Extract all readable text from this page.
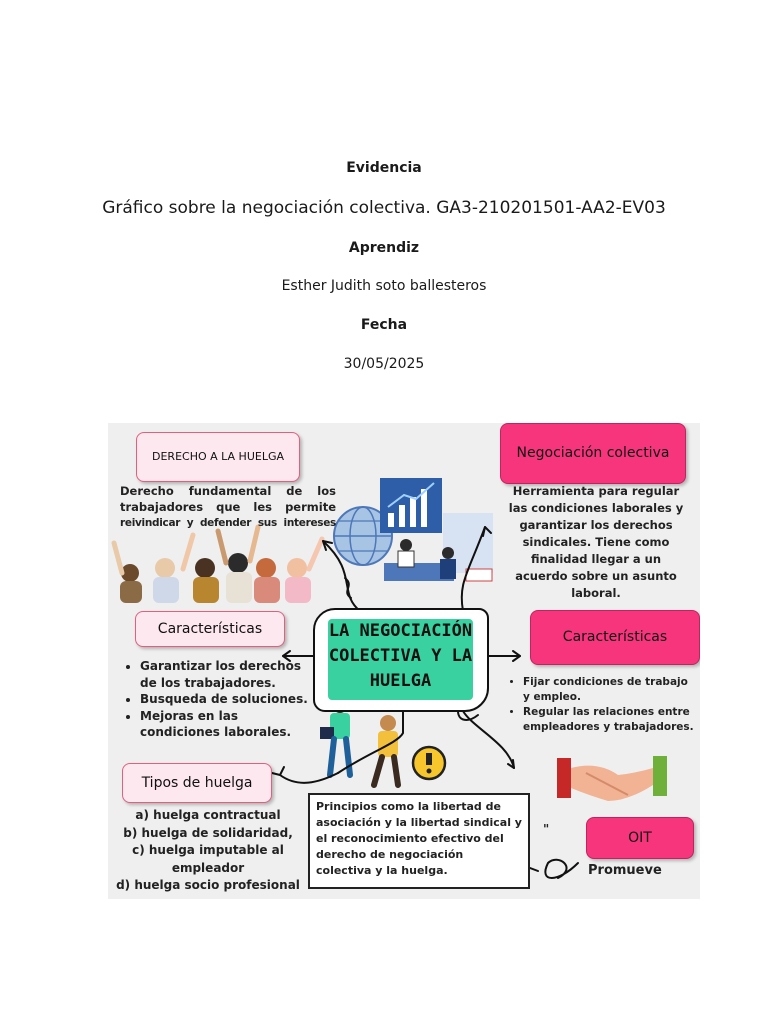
Evidencia
Gráfico sobre la negociación colectiva. GA3-210201501-AA2-EV03
Aprendiz
Esther Judith soto ballesteros
Fecha
30/05/2025
"
DERECHO A LA HUELGA
Derecho fundamental de los
trabajadores que les permite
reivindicar y defender sus intereses
Negociación colectiva
Herramienta para regular
las condiciones laborales y
garantizar los derechos
sindicales. Tiene como
finalidad llegar a un
acuerdo sobre un asunto
laboral.
Características
• Garantizar los derechos de los trabajadores.
• Busqueda de soluciones.
• Mejoras en las condiciones laborales.
LA NEGOCIACIÓN
COLECTIVA Y LA
HUELGA
Características
• Fijar condiciones de trabajo y empleo.
• Regular las relaciones entre empleadores y trabajadores.
Tipos de huelga
a) huelga contractual
b) huelga de solidaridad,
c) huelga imputable al
empleador
d) huelga socio profesional
Principios como la libertad de asociación y la libertad sindical y el reconocimiento efectivo del derecho de negociación colectiva y la huelga.
OIT
Promueve
